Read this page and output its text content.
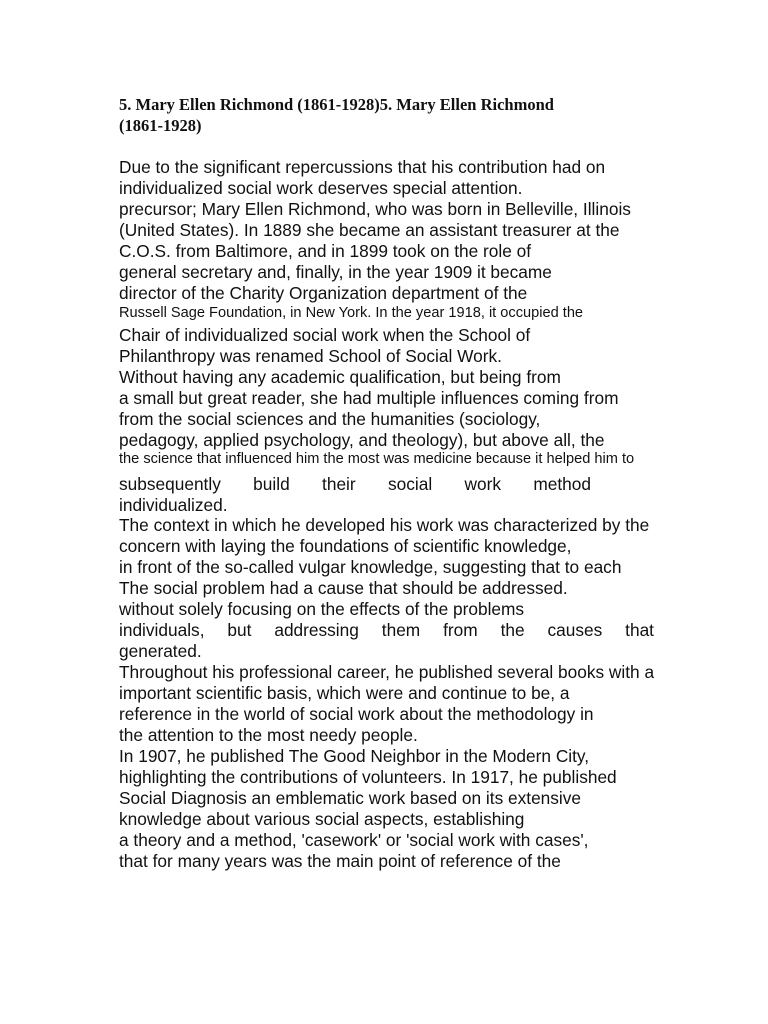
5. Mary Ellen Richmond (1861-1928)5. Mary Ellen Richmond
(1861-1928)

Due to the significant repercussions that his contribution had on

individualized social work deserves special attention.

precursor; Mary Ellen Richmond, who was born in Belleville, Illinois

(United States). In 1889 she became an assistant treasurer at the

C.O.S. from Baltimore, and in 1899 took on the role of

general secretary and, finally, in the year 1909 it became

director of the Charity Organization department of the

Russell Sage Foundation, in New York. In the year 1918, it occupied the

Chair of individualized social work when the School of

Philanthropy was renamed School of Social Work.

Without having any academic qualification, but being from

a small but great reader, she had multiple influences coming from

from the social sciences and the humanities (sociology,

pedagogy, applied psychology, and theology), but above all, the

the science that influenced him the most was medicine because it helped him to

subsequently build their social work method

individualized.

The context in which he developed his work was characterized by the

concern with laying the foundations of scientific knowledge,

in front of the so-called vulgar knowledge, suggesting that to each

The social problem had a cause that should be addressed.

without solely focusing on the effects of the problems

individuals, but addressing them from the causes that

generated.

Throughout his professional career, he published several books with a

important scientific basis, which were and continue to be, a

reference in the world of social work about the methodology in

the attention to the most needy people.

In 1907, he published The Good Neighbor in the Modern City,

highlighting the contributions of volunteers. In 1917, he published

Social Diagnosis an emblematic work based on its extensive

knowledge about various social aspects, establishing

a theory and a method, 'casework' or 'social work with cases',

that for many years was the main point of reference of the
